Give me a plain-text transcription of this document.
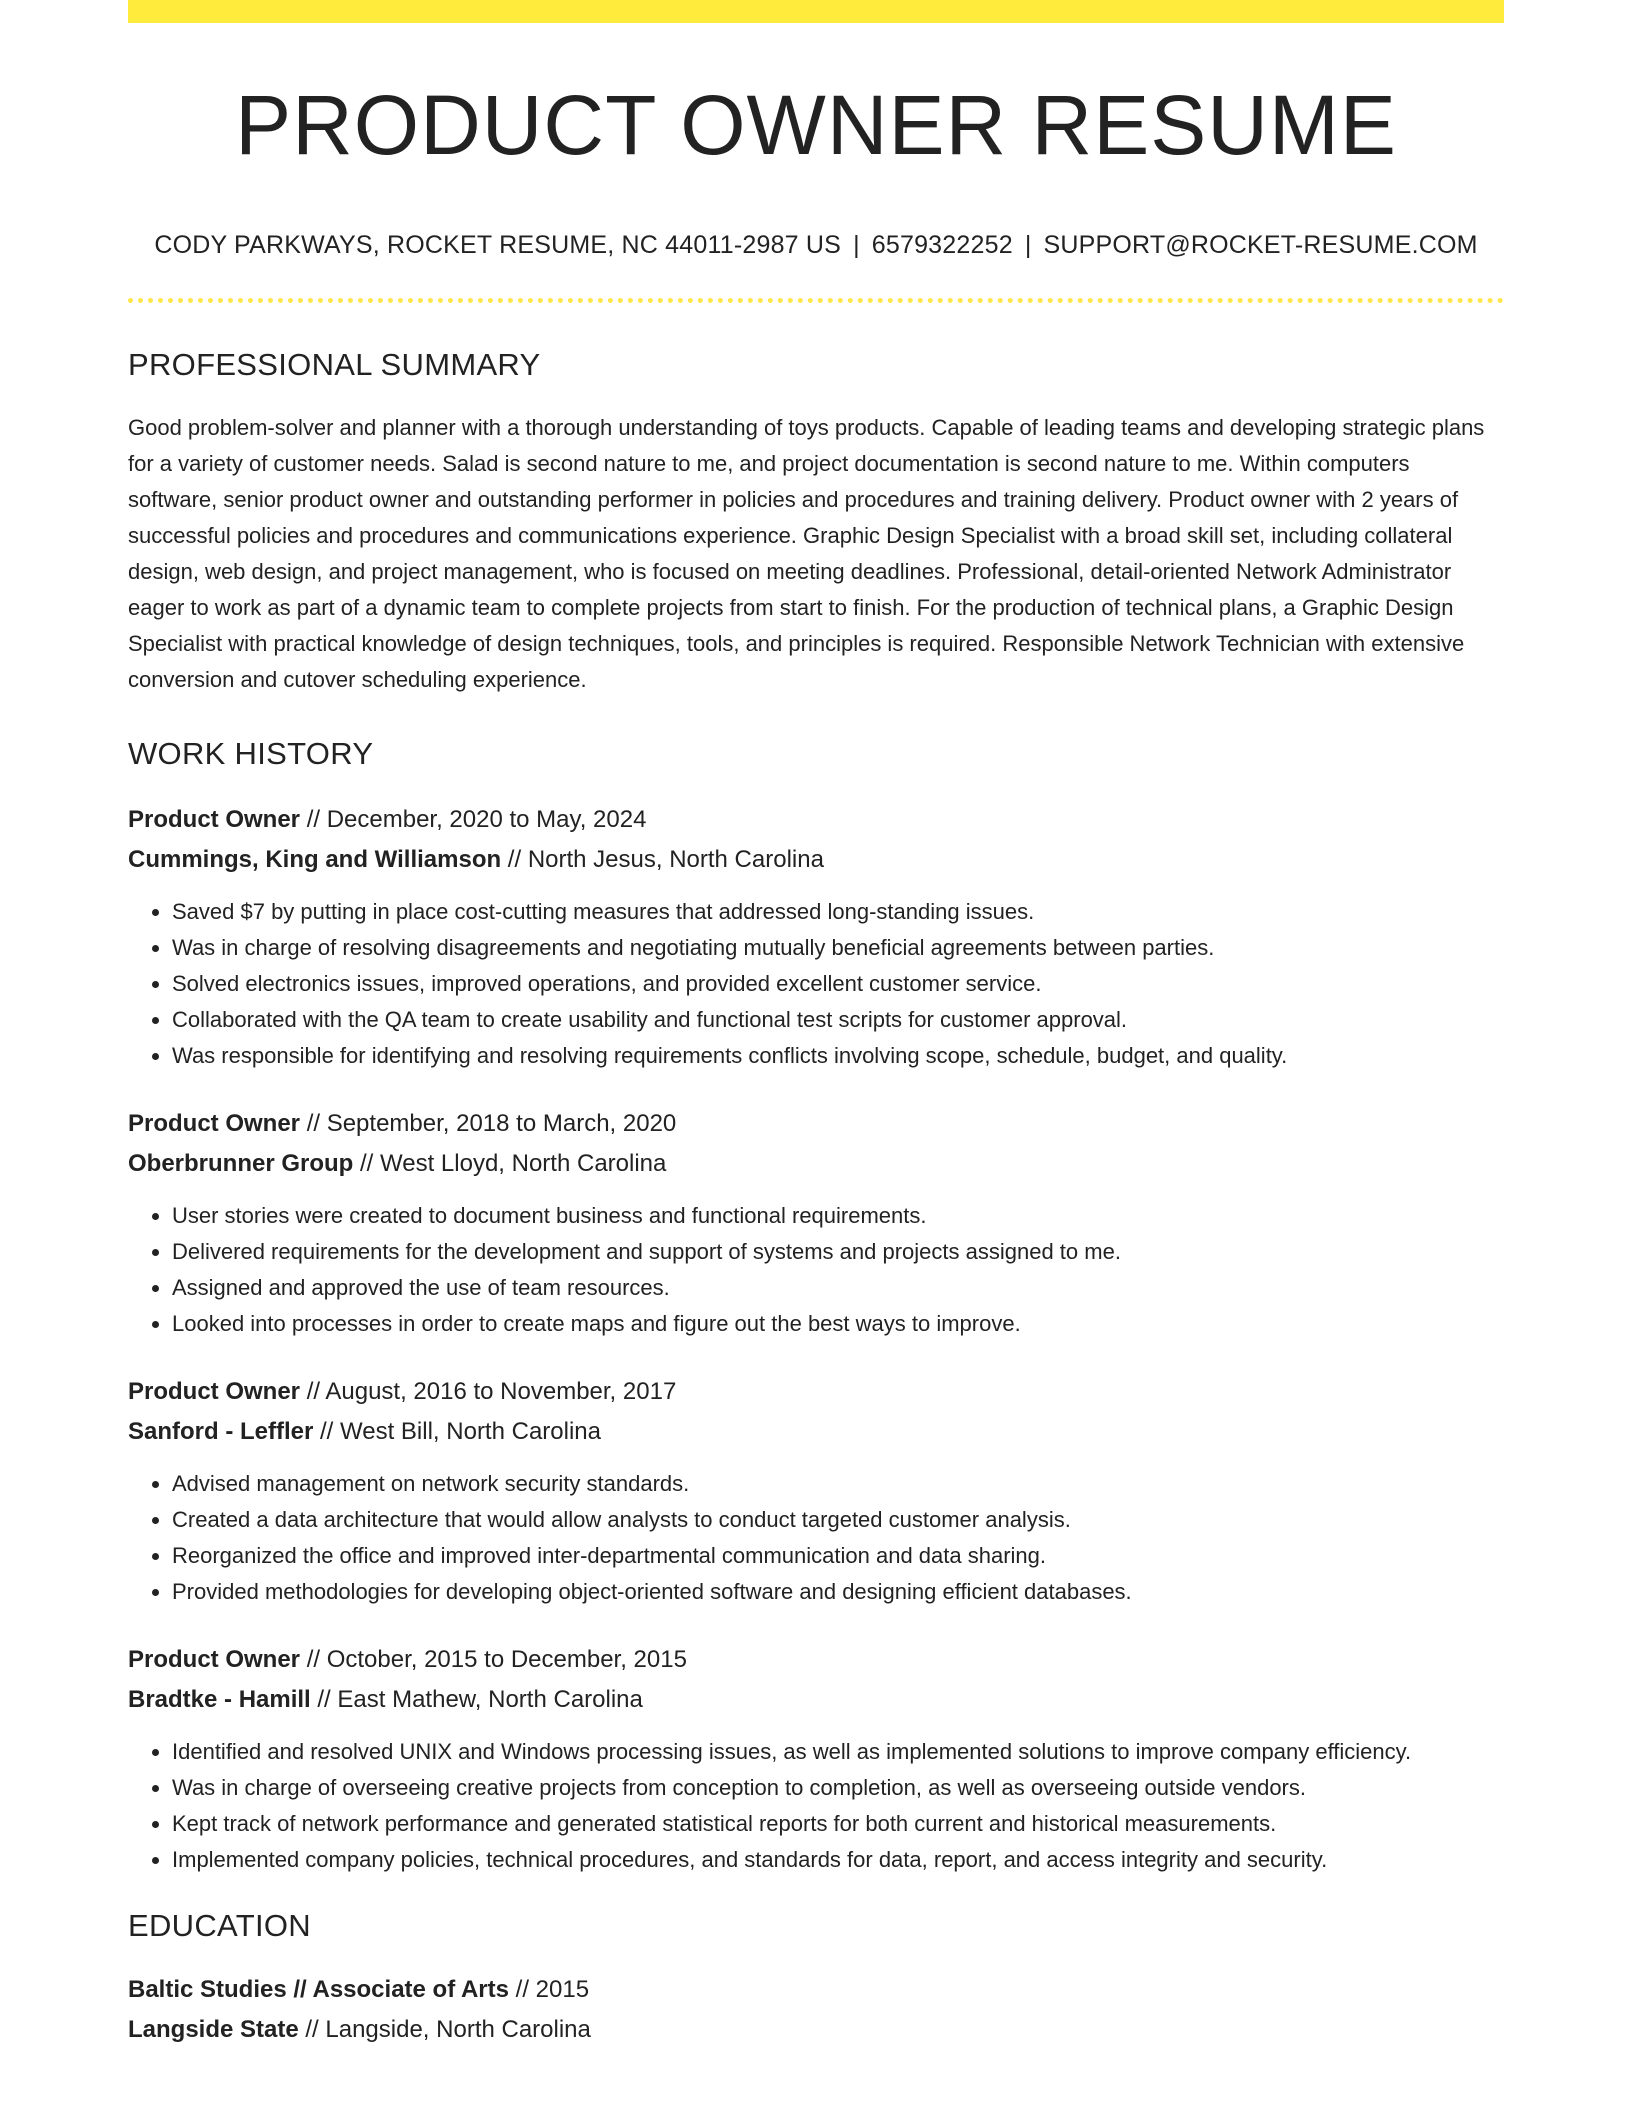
PRODUCT OWNER RESUME
CODY PARKWAYS, ROCKET RESUME, NC 44011-2987 US | 6579322252 | SUPPORT@ROCKET-RESUME.COM
PROFESSIONAL SUMMARY

Good problem-solver and planner with a thorough understanding of toys products. Capable of leading teams and developing strategic plans for a variety of customer needs. Salad is second nature to me, and project documentation is second nature to me. Within computers software, senior product owner and outstanding performer in policies and procedures and training delivery. Product owner with 2 years of successful policies and procedures and communications experience. Graphic Design Specialist with a broad skill set, including collateral design, web design, and project management, who is focused on meeting deadlines. Professional, detail-oriented Network Administrator eager to work as part of a dynamic team to complete projects from start to finish. For the production of technical plans, a Graphic Design Specialist with practical knowledge of design techniques, tools, and principles is required. Responsible Network Technician with extensive conversion and cutover scheduling experience.

WORK HISTORY
Product Owner // December, 2020 to May, 2024
Cummings, King and Williamson // North Jesus, North Carolina
• Saved $7 by putting in place cost-cutting measures that addressed long-standing issues.
• Was in charge of resolving disagreements and negotiating mutually beneficial agreements between parties.
• Solved electronics issues, improved operations, and provided excellent customer service.
• Collaborated with the QA team to create usability and functional test scripts for customer approval.
• Was responsible for identifying and resolving requirements conflicts involving scope, schedule, budget, and quality.
Product Owner // September, 2018 to March, 2020
Oberbrunner Group // West Lloyd, North Carolina
• User stories were created to document business and functional requirements.
• Delivered requirements for the development and support of systems and projects assigned to me.
• Assigned and approved the use of team resources.
• Looked into processes in order to create maps and figure out the best ways to improve.
Product Owner // August, 2016 to November, 2017
Sanford - Leffler // West Bill, North Carolina
• Advised management on network security standards.
• Created a data architecture that would allow analysts to conduct targeted customer analysis.
• Reorganized the office and improved inter-departmental communication and data sharing.
• Provided methodologies for developing object-oriented software and designing efficient databases.
Product Owner // October, 2015 to December, 2015
Bradtke - Hamill // East Mathew, North Carolina
• Identified and resolved UNIX and Windows processing issues, as well as implemented solutions to improve company efficiency.
• Was in charge of overseeing creative projects from conception to completion, as well as overseeing outside vendors.
• Kept track of network performance and generated statistical reports for both current and historical measurements.
• Implemented company policies, technical procedures, and standards for data, report, and access integrity and security.
EDUCATION
Baltic Studies // Associate of Arts // 2015
Langside State // Langside, North Carolina
